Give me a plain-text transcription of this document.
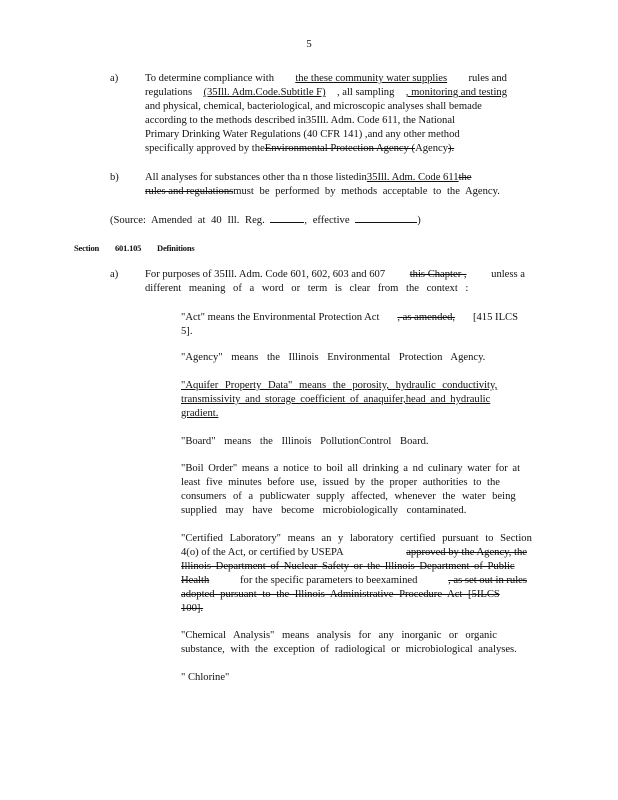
5
a)	To determine compliance with the these community water supplies rules and
regulations (35Ill. Adm.Code.Subtitle F) , all sampling , monitoring and testing
and physical, chemical, bacteriological, and microscopic analyses shall bemade
according to the methods described in35Ill. Adm. Code 611, the National
Primary Drinking Water Regulations (40 CFR 141) ,and any other method
specifically approved by the Environmental Protection Agency ( Agency ).
b) All analyses for substances other tha n those listedin 35Ill. Adm. Code 611 the
rules and regulations must be performed by methods acceptable to the Agency.
(Source: Amended at 40 Ill. Reg.	, effective	)
Section 601.105 Definitions
a)	For purposes of 35Ill. Adm. Code 601, 602, 603 and 607 this Chapter , unless a
different meaning of a word or term is clear from the context :
"Act" means the Environmental Protection Act , as amended, [415 ILCS
5].
"Agency" means the Illinois Environmental Protection Agency.
"Aquifer Property Data" means the porosity, hydraulic conductivity,
transmissivity and storage coefficient of anaquifer,head and hydraulic
gradient.
"Board" means the Illinois PollutionControl Board.
"Boil Order" means a notice to boil all drinking a nd culinary water for at
least five minutes before use, issued by the proper authorities to the
consumers of a publicwater supply affected, whenever the water being
supplied may have become microbiologically contaminated.
"Certified Laboratory" means an y laboratory certified pursuant to Section
4(o) of the Act, or certified by USEPA	approved by the Agency, the
Illinois Department of Nuclear Safety or the Illinois Department of Public
Health	for the specific parameters to beexamined	, as set out in rules
adopted pursuant to the Illinois Administrative Procedure Act [5ILCS
100].
"Chemical Analysis" means analysis for any inorganic or organic
substance, with the exception of radiological or microbiological analyses.
" Chlorine"
